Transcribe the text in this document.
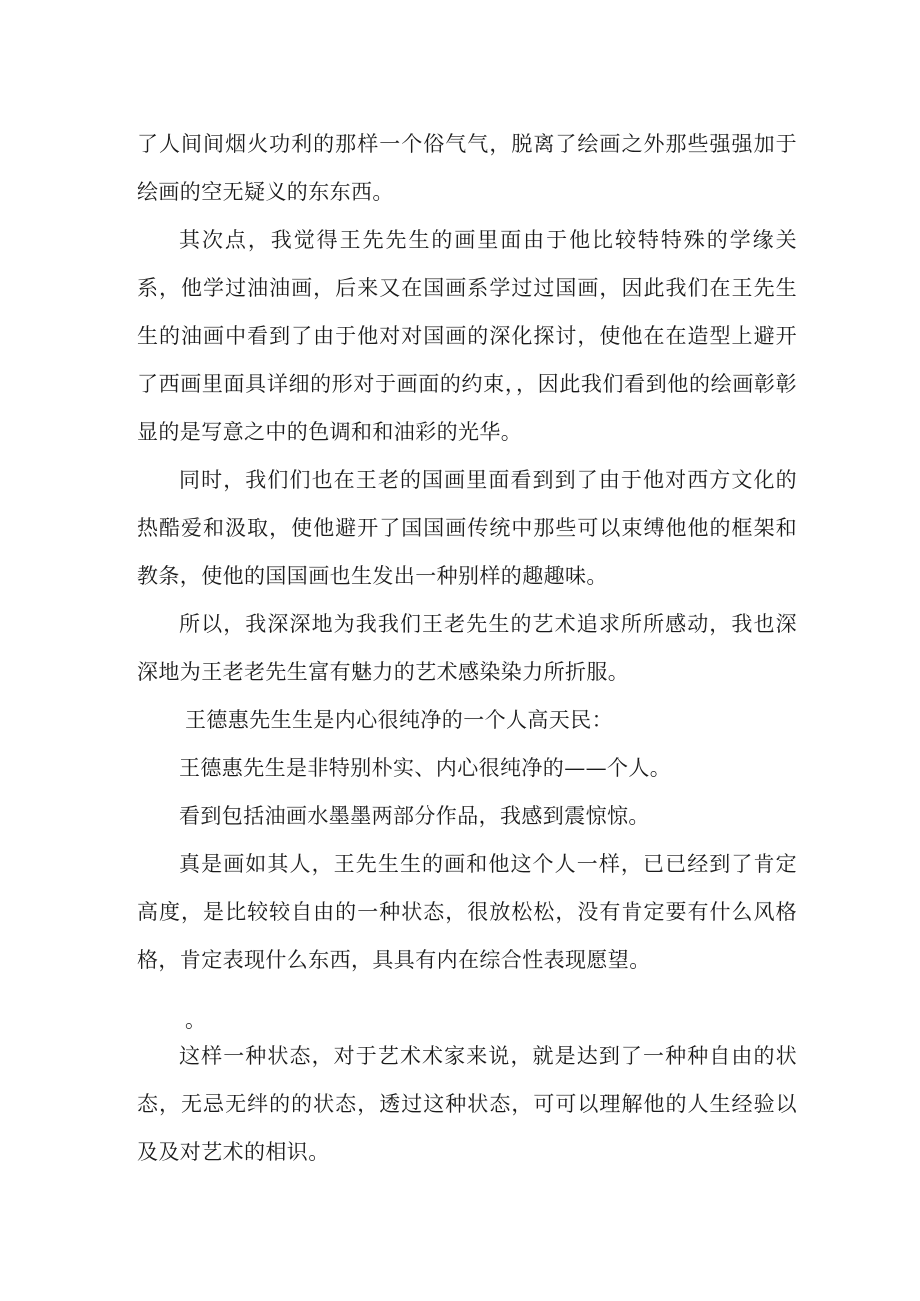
了人间间烟火功利的那样一个俗气气，脱离了绘画之外那些强强加于绘画的空无疑义的东东西。

其次点，我觉得王先先生的画里面由于他比较特特殊的学缘关系，他学过油油画，后来又在国画系学过过国画，因此我们在王先生生的油画中看到了由于他对对国画的深化探讨，使他在在造型上避开了西画里面具详细的形对于画面的约束，，因此我们看到他的绘画彰彰显的是写意之中的色调和和油彩的光华。

同时，我们们也在王老的国画里面看到到了由于他对西方文化的热酷爱和汲取，使他避开了国国画传统中那些可以束缚他他的框架和教条，使他的国国画也生发出一种别样的趣趣味。

所以，我深深地为我我们王老先生的艺术追求所所感动，我也深深地为王老老先生富有魅力的艺术感染染力所折服。

王德惠先生生是内心很纯净的一个人高天民：

王德惠先生是非特别朴实、内心很纯净的——个人。

看到包括油画水墨墨两部分作品，我感到震惊惊。

真是画如其人，王先生生的画和他这个人一样，已已经到了肯定高度，是比较较自由的一种状态，很放松松，没有肯定要有什么风格格，肯定表现什么东西，具具有内在综合性表现愿望。

。

这样一种状态，对于艺术术家来说，就是达到了一种种自由的状态，无忌无绊的的状态，透过这种状态，可可以理解他的人生经验以及及对艺术的相识。
